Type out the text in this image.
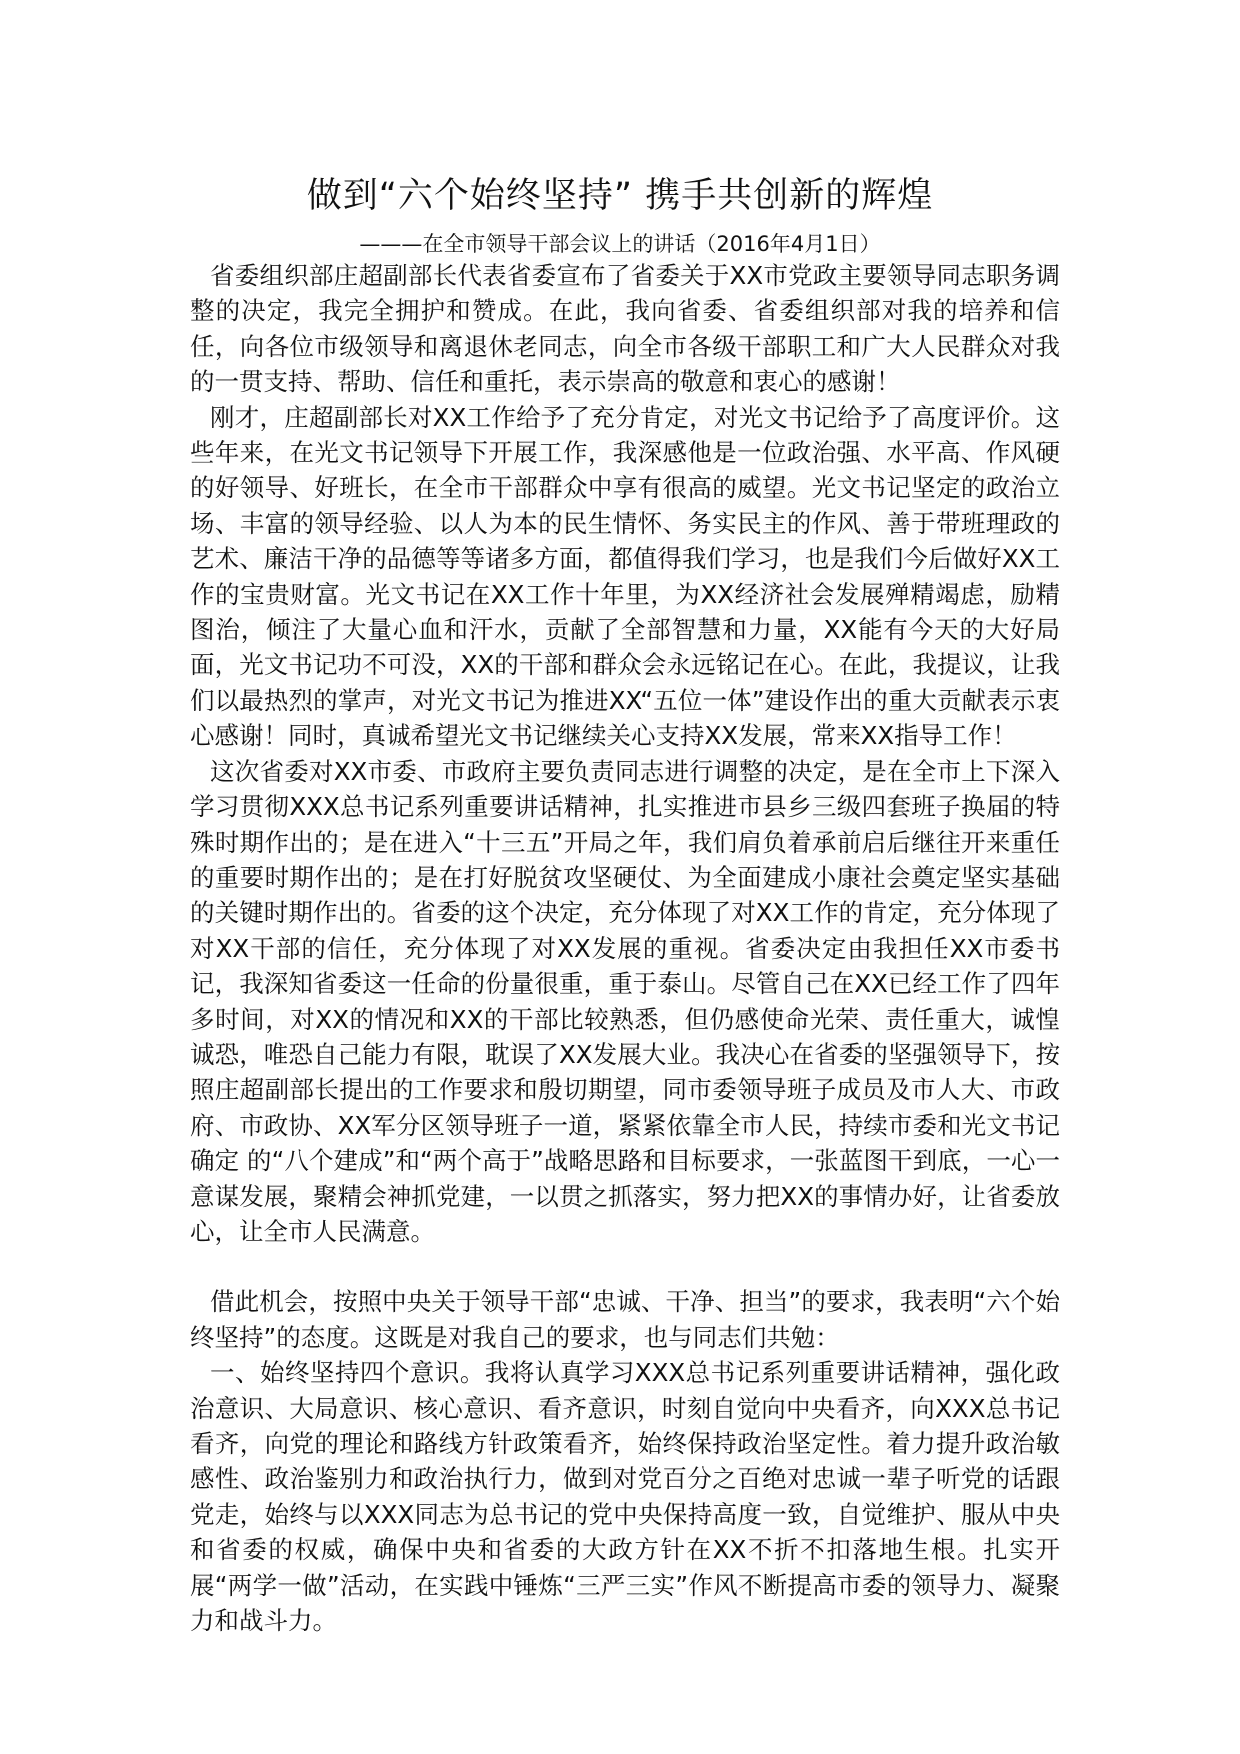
做到“六个始终坚持” 携手共创新的辉煌
———在全市领导干部会议上的讲话（2016年4月1日）

省委组织部庄超副部长代表省委宣布了省委关于XX市党政主要领导同志职务调整的决定，我完全拥护和赞成。在此，我向省委、省委组织部对我的培养和信任，向各位市级领导和离退休老同志，向全市各级干部职工和广大人民群众对我的一贯支持、帮助、信任和重托，表示崇高的敬意和衷心的感谢！

刚才，庄超副部长对XX工作给予了充分肯定，对光文书记给予了高度评价。这些年来，在光文书记领导下开展工作，我深感他是一位政治强、水平高、作风硬的好领导、好班长，在全市干部群众中享有很高的威望。光文书记坚定的政治立场、丰富的领导经验、以人为本的民生情怀、务实民主的作风、善于带班理政的艺术、廉洁干净的品德等等诸多方面，都值得我们学习，也是我们今后做好XX工作的宝贵财富。光文书记在XX工作十年里，为XX经济社会发展殚精竭虑，励精图治，倾注了大量心血和汗水，贡献了全部智慧和力量，XX能有今天的大好局面，光文书记功不可没，XX的干部和群众会永远铭记在心。在此，我提议，让我们以最热烈的掌声，对光文书记为推进XX“五位一体”建设作出的重大贡献表示衷心感谢！同时，真诚希望光文书记继续关心支持XX发展，常来XX指导工作！

这次省委对XX市委、市政府主要负责同志进行调整的决定，是在全市上下深入学习贯彻XXX总书记系列重要讲话精神，扎实推进市县乡三级四套班子换届的特殊时期作出的；是在进入“十三五”开局之年，我们肩负着承前启后继往开来重任的重要时期作出的；是在打好脱贫攻坚硬仗、为全面建成小康社会奠定坚实基础的关键时期作出的。省委的这个决定，充分体现了对XX工作的肯定，充分体现了对XX干部的信任，充分体现了对XX发展的重视。省委决定由我担任XX市委书记，我深知省委这一任命的份量很重，重于泰山。尽管自己在XX已经工作了四年多时间，对XX的情况和XX的干部比较熟悉，但仍感使命光荣、责任重大，诚惶诚恐，唯恐自己能力有限，耽误了XX发展大业。我决心在省委的坚强领导下，按照庄超副部长提出的工作要求和殷切期望，同市委领导班子成员及市人大、市政府、市政协、XX军分区领导班子一道，紧紧依靠全市人民，持续市委和光文书记确定 的“八个建成”和“两个高于”战略思路和目标要求，一张蓝图干到底，一心一意谋发展，聚精会神抓党建，一以贯之抓落实，努力把XX的事情办好，让省委放心，让全市人民满意。

借此机会，按照中央关于领导干部“忠诚、干净、担当”的要求，我表明“六个始终坚持”的态度。这既是对我自己的要求，也与同志们共勉：

一、始终坚持四个意识。我将认真学习XXX总书记系列重要讲话精神，强化政治意识、大局意识、核心意识、看齐意识，时刻自觉向中央看齐，向XXX总书记看齐，向党的理论和路线方针政策看齐，始终保持政治坚定性。着力提升政治敏感性、政治鉴别力和政治执行力，做到对党百分之百绝对忠诚一辈子听党的话跟党走，始终与以XXX同志为总书记的党中央保持高度一致，自觉维护、服从中央和省委的权威，确保中央和省委的大政方针在XX不折不扣落地生根。扎实开展“两学一做”活动，在实践中锤炼“三严三实”作风不断提高市委的领导力、凝聚力和战斗力。
